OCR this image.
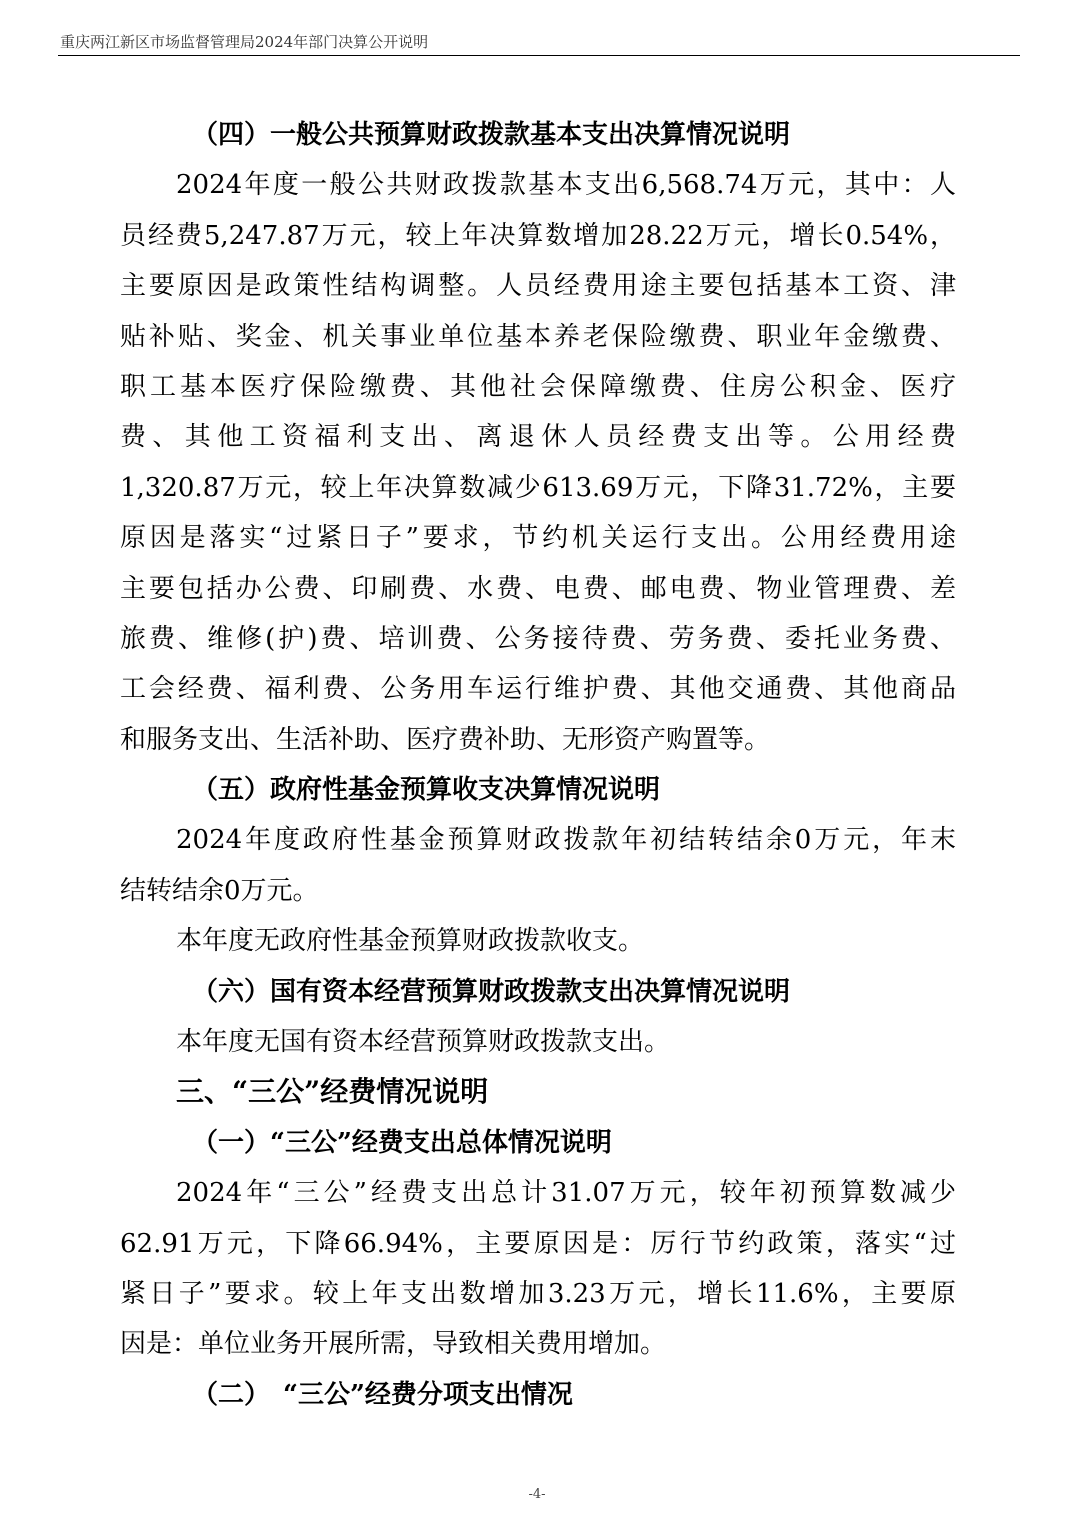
重庆两江新区市场监督管理局2024年部门决算公开说明
（四）一般公共预算财政拨款基本支出决算情况说明
2024年度一般公共财政拨款基本支出6,568.74万元，其中：人
员经费5,247.87万元，较上年决算数增加28.22万元，增长0.54%，
主要原因是政策性结构调整。人员经费用途主要包括基本工资、津
贴补贴、奖金、机关事业单位基本养老保险缴费、职业年金缴费、
职工基本医疗保险缴费、其他社会保障缴费、住房公积金、医疗
费、其他工资福利支出、离退休人员经费支出等。公用经费
1,320.87万元，较上年决算数减少613.69万元，下降31.72%，主要
原因是落实“过紧日子”要求，节约机关运行支出。公用经费用途
主要包括办公费、印刷费、水费、电费、邮电费、物业管理费、差
旅费、维修(护)费、培训费、公务接待费、劳务费、委托业务费、
工会经费、福利费、公务用车运行维护费、其他交通费、其他商品
和服务支出、生活补助、医疗费补助、无形资产购置等。
（五）政府性基金预算收支决算情况说明
2024年度政府性基金预算财政拨款年初结转结余0万元，年末
结转结余0万元。
本年度无政府性基金预算财政拨款收支。
（六）国有资本经营预算财政拨款支出决算情况说明
本年度无国有资本经营预算财政拨款支出。
三、“三公”经费情况说明
（一）“三公”经费支出总体情况说明
2024年“三公”经费支出总计31.07万元，较年初预算数减少
62.91万元，下降66.94%，主要原因是：厉行节约政策，落实“过
紧日子”要求。较上年支出数增加3.23万元，增长11.6%，主要原
因是：单位业务开展所需，导致相关费用增加。
（二）　“三公”经费分项支出情况
-4-
